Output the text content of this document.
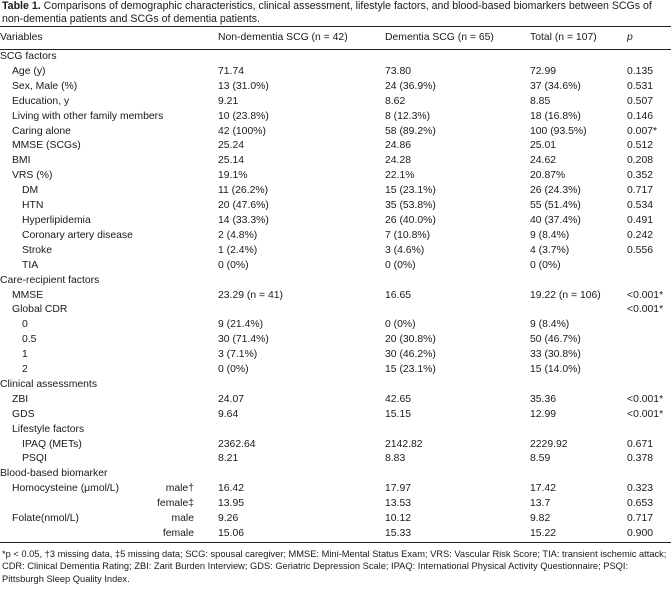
Table 1. Comparisons of demographic characteristics, clinical assessment, lifestyle factors, and blood-based biomarkers between SCGs of non-dementia patients and SCGs of dementia patients.

Variables	Non-dementia SCG (n = 42)	Dementia SCG (n = 65)	Total (n = 107)	p
SCG factors				
Age (y)	71.74	73.80	72.99	0.135
Sex, Male (%)	13 (31.0%)	24 (36.9%)	37 (34.6%)	0.531
Education, y	9.21	8.62	8.85	0.507
Living with other family members	10 (23.8%)	8 (12.3%)	18 (16.8%)	0.146
Caring alone	42 (100%)	58 (89.2%)	100 (93.5%)	0.007*
MMSE (SCGs)	25.24	24.86	25.01	0.512
BMI	25.14	24.28	24.62	0.208
VRS (%)	19.1%	22.1%	20.87%	0.352
DM	11 (26.2%)	15 (23.1%)	26 (24.3%)	0.717
HTN	20 (47.6%)	35 (53.8%)	55 (51.4%)	0.534
Hyperlipidemia	14 (33.3%)	26 (40.0%)	40 (37.4%)	0.491
Coronary artery disease	2 (4.8%)	7 (10.8%)	9 (8.4%)	0.242
Stroke	1 (2.4%)	3 (4.6%)	4 (3.7%)	0.556
TIA	0 (0%)	0 (0%)	0 (0%)	
Care-recipient factors				
MMSE	23.29 (n = 41)	16.65	19.22 (n = 106)	<0.001*
Global CDR				<0.001*
0	9 (21.4%)	0 (0%)	9 (8.4%)	
0.5	30 (71.4%)	20 (30.8%)	50 (46.7%)	
1	3 (7.1%)	30 (46.2%)	33 (30.8%)	
2	0 (0%)	15 (23.1%)	15 (14.0%)	
Clinical assessments				
ZBI	24.07	42.65	35.36	<0.001*
GDS	9.64	15.15	12.99	<0.001*
Lifestyle factors				
IPAQ (METs)	2362.64	2142.82	2229.92	0.671
PSQI	8.21	8.83	8.59	0.378
Blood-based biomarker				
Homocysteine (μmol/L) male†	16.42	17.97	17.42	0.323

female‡	13.95	13.53	13.7	0.653
Folate(nmol/L) male	9.26	10.12	9.82	0.717

female	15.06	15.33	15.22	0.900

*p < 0.05, †3 missing data, ‡5 missing data; SCG: spousal caregiver; MMSE: Mini-Mental Status Exam; VRS: Vascular Risk Score; TIA: transient ischemic attack; CDR: Clinical Dementia Rating; ZBI: Zarit Burden Interview; GDS: Geriatric Depression Scale; IPAQ: International Physical Activity Questionnaire; PSQI: Pittsburgh Sleep Quality Index.
